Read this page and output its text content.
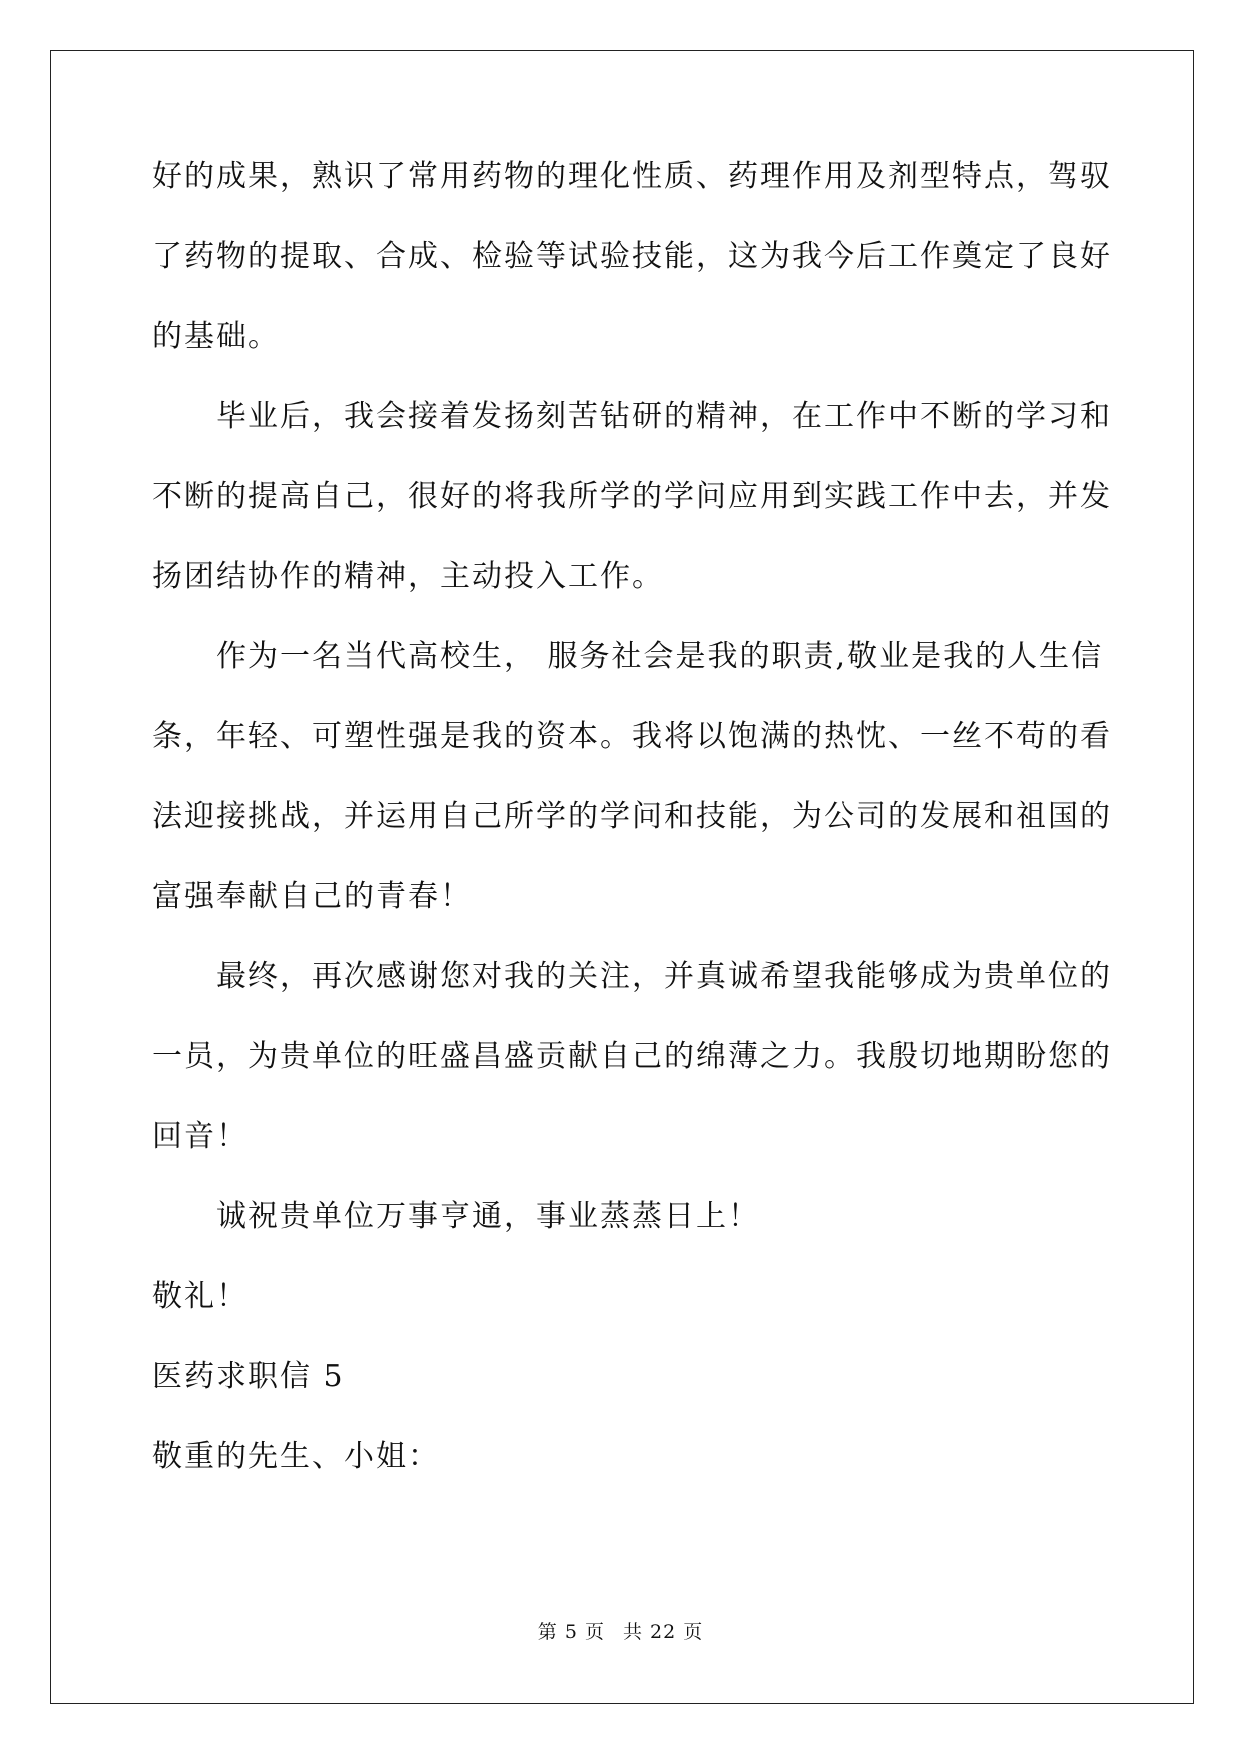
好的成果，熟识了常用药物的理化性质、药理作用及剂型特点，驾驭
了药物的提取、合成、检验等试验技能，这为我今后工作奠定了良好
的基础。
毕业后，我会接着发扬刻苦钻研的精神，在工作中不断的学习和
不断的提高自己，很好的将我所学的学问应用到实践工作中去，并发
扬团结协作的精神，主动投入工作。
作为一名当代高校生， 服务社会是我的职责,敬业是我的人生信
条，年轻、可塑性强是我的资本。我将以饱满的热忱、一丝不苟的看
法迎接挑战，并运用自己所学的学问和技能，为公司的发展和祖国的
富强奉献自己的青春！
最终，再次感谢您对我的关注，并真诚希望我能够成为贵单位的
一员，为贵单位的旺盛昌盛贡献自己的绵薄之力。我殷切地期盼您的
回音！
诚祝贵单位万事亨通，事业蒸蒸日上！
敬礼！
医药求职信 5
敬重的先生、小姐：
第 5 页 共 22 页
